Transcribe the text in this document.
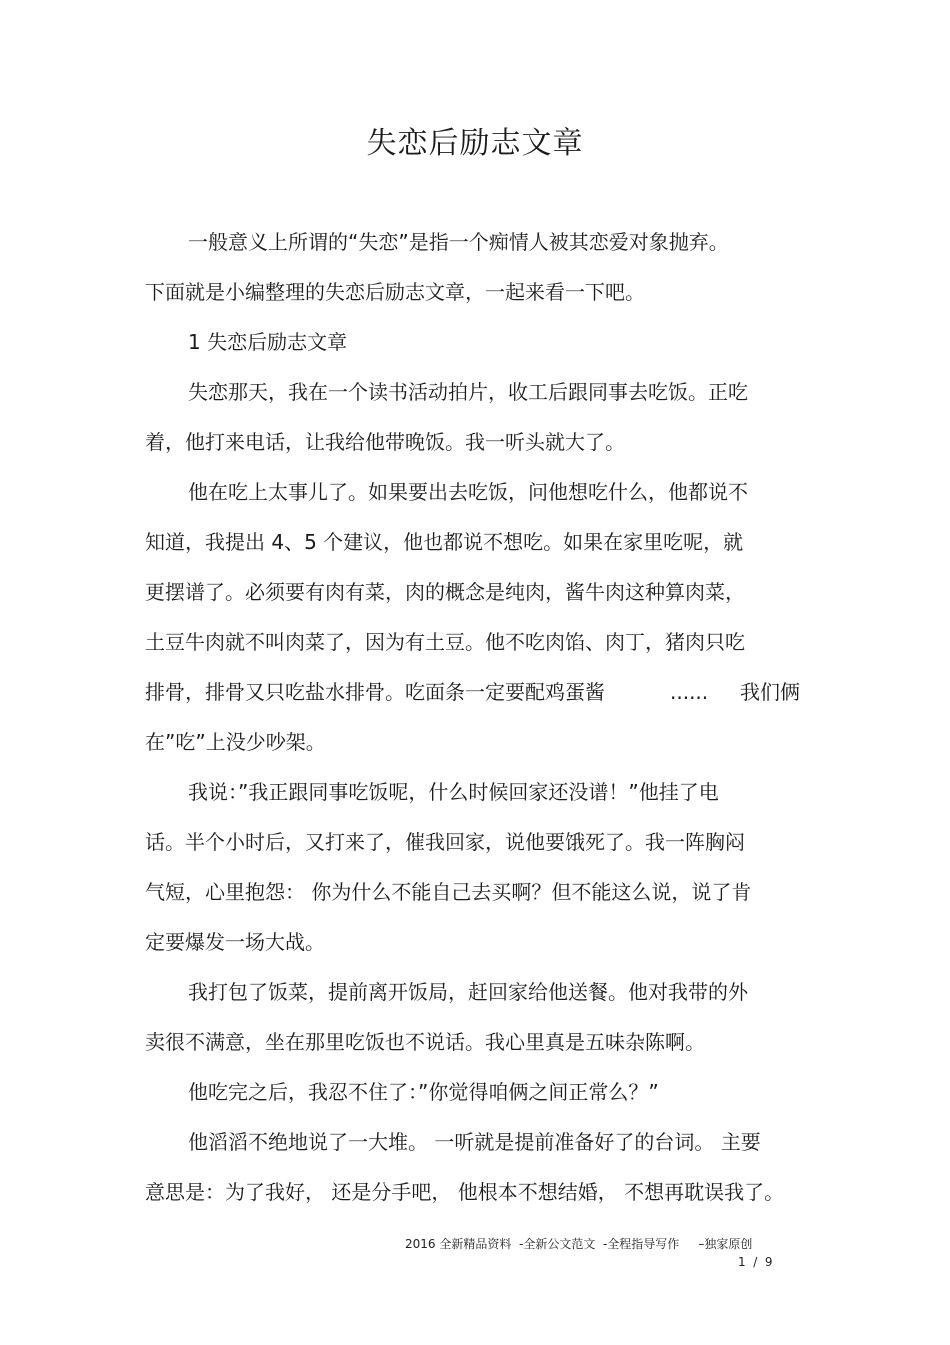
失恋后励志文章
一般意义上所谓的“失恋”是指一个痴情人被其恋爱对象抛弃。
下面就是小编整理的失恋后励志文章，一起来看一下吧。
1 失恋后励志文章
失恋那天，我在一个读书活动拍片，收工后跟同事去吃饭。正吃
着，他打来电话，让我给他带晚饭。我一听头就大了。
他在吃上太事儿了。如果要出去吃饭，问他想吃什么，他都说不
知道，我提出 4、5 个建议，他也都说不想吃。如果在家里吃呢，就
更摆谱了。必须要有肉有菜，肉的概念是纯肉，酱牛肉这种算肉菜，
土豆牛肉就不叫肉菜了，因为有土豆。他不吃肉馅、肉丁，猪肉只吃
排骨，排骨又只吃盐水排骨。吃面条一定要配鸡蛋酱	...... 我们俩
在”吃”上没少吵架。
我说：”我正跟同事吃饭呢，什么时候回家还没谱！”他挂了电
话。半个小时后，又打来了，催我回家，说他要饿死了。我一阵胸闷
气短，心里抱怨： 你为什么不能自己去买啊？但不能这么说，说了肯
定要爆发一场大战。
我打包了饭菜，提前离开饭局，赶回家给他送餐。他对我带的外
卖很不满意，坐在那里吃饭也不说话。我心里真是五味杂陈啊。
他吃完之后，我忍不住了：”你觉得咱俩之间正常么？”
他滔滔不绝地说了一大堆。 一听就是提前准备好了的台词。 主要
意思是：为了我好， 还是分手吧， 他根本不想结婚， 不想再耽误我了。
2016 全新精品资料  -全新公文范文  -全程指导写作     –独家原创
1  /  9
